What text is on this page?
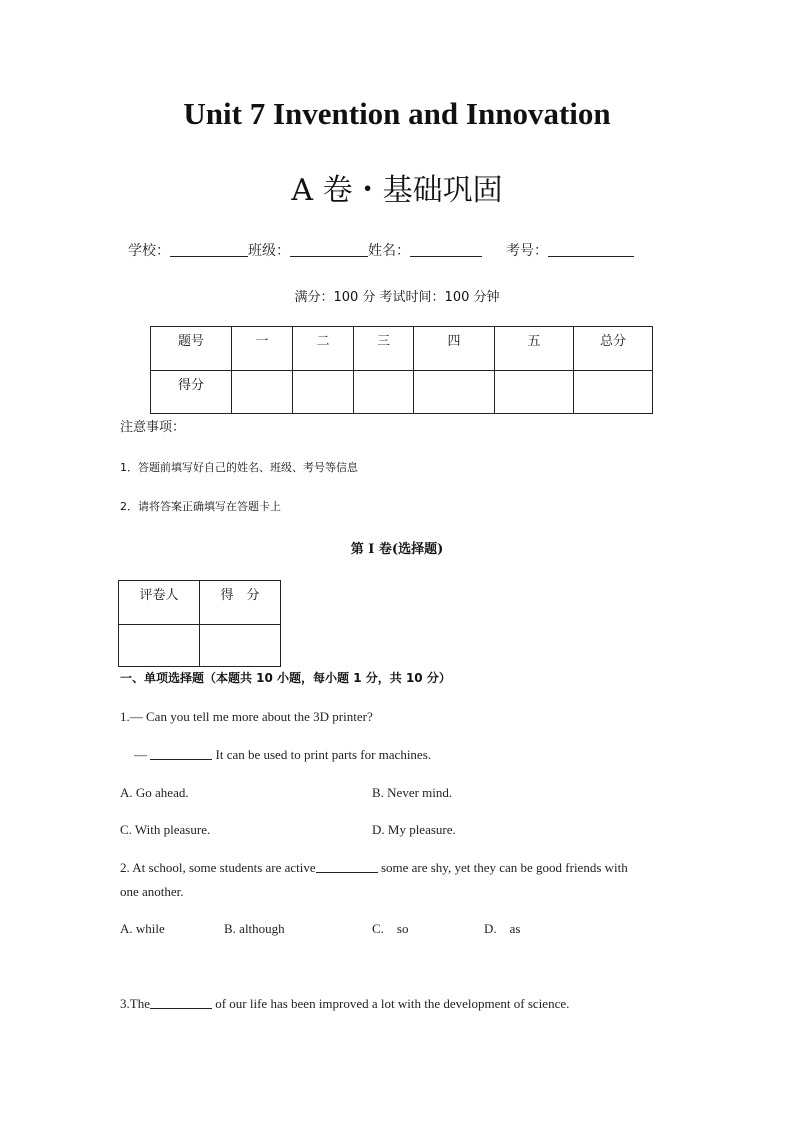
Unit 7 Invention and Innovation
A 卷・基础巩固
学校：	班级：	姓名：	考号：
满分：100 分 考试时间：100 分钟
题号	一	二	三	四	五	总分
得分						
注意事项：
1．答题前填写好自己的姓名、班级、考号等信息
2．请将答案正确填写在答题卡上
第 I 卷(选择题)
评卷人	得　分

一、单项选择题（本题共 10 小题，每小题 1 分，共 10 分）
1.— Can you tell me more about the 3D printer?
—	It can be used to print parts for machines.
A. Go ahead.	B. Never mind.
C. With pleasure.	D. My pleasure.
2. At school, some students are active	some are shy, yet they can be good friends with
one another.
A. while	B. although	C.    so	D.    as
3.The	of our life has been improved a lot with the development of science.
